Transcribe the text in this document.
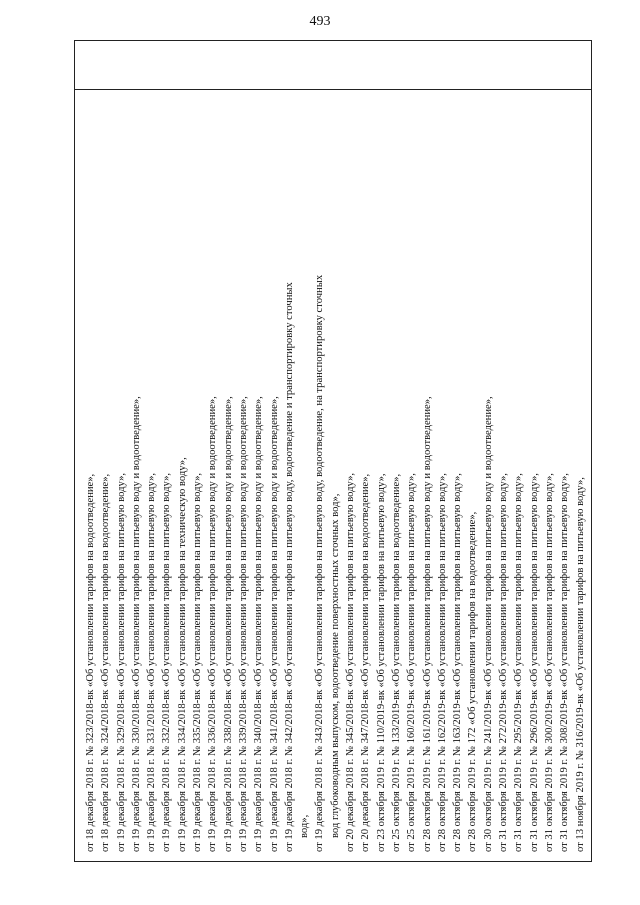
493
от 18 декабря 2018 г. № 323/2018-вк «Об установлении тарифов на водоотведение», от 18 декабря 2018 г. № 324/2018-вк «Об установлении тарифов на водоотведение», от 19 декабря 2018 г. № 329/2018-вк «Об установлении тарифов на питьевую воду», от 19 декабря 2018 г. № 330/2018-вк «Об установлении тарифов на питьевую воду и водоотведение», от 19 декабря 2018 г. № 331/2018-вк «Об установлении тарифов на питьевую воду», от 19 декабря 2018 г. № 332/2018-вк «Об установлении тарифов на питьевую воду», от 19 декабря 2018 г. № 334/2018-вк «Об установлении тарифов на техническую воду», от 19 декабря 2018 г. № 335/2018-вк «Об установлении тарифов на питьевую воду», от 19 декабря 2018 г. № 336/2018-вк «Об установлении тарифов на питьевую воду и водоотведение», от 19 декабря 2018 г. № 338/2018-вк «Об установлении тарифов на питьевую воду и водоотведение», от 19 декабря 2018 г. № 339/2018-вк «Об установлении тарифов на питьевую воду и водоотведение», от 19 декабря 2018 г. № 340/2018-вк «Об установлении тарифов на питьевую воду и водоотведение», от 19 декабря 2018 г. № 341/2018-вк «Об установлении тарифов на питьевую воду и водоотведение», от 19 декабря 2018 г. № 342/2018-вк «Об установлении тарифов на питьевую воду, водоотведение и транспортировку сточных вод», от 19 декабря 2018 г. № 343/2018-вк «Об установлении тарифов на питьевую воду, водоотведение, на транспортировку сточных вод глубоководным выпуском, водоотведение поверхностных сточных вод», от 20 декабря 2018 г. № 345/2018-вк «Об установлении тарифов на питьевую воду», от 20 декабря 2018 г. № 347/2018-вк «Об установлении тарифов на водоотведение», от 23 октября 2019 г. № 110/2019-вк «Об установлении тарифов на питьевую воду», от 25 октября 2019 г. № 133/2019-вк «Об установлении тарифов на водоотведение», от 25 октября 2019 г. № 160/2019-вк «Об установлении тарифов на питьевую воду», от 28 октября 2019 г. № 161/2019-вк «Об установлении тарифов на питьевую воду и водоотведение», от 28 октября 2019 г. № 162/2019-вк «Об установлении тарифов на питьевую воду», от 28 октября 2019 г. № 163/2019-вк «Об установлении тарифов на питьевую воду», от 28 октября 2019 г. № 172 «Об установлении тарифов на водоотведение», от 30 октября 2019 г. № 241/2019-вк «Об установлении тарифов на питьевую воду и водоотведение», от 31 октября 2019 г. № 272/2019-вк «Об установлении тарифов на питьевую воду», от 31 октября 2019 г. № 295/2019-вк «Об установлении тарифов на питьевую воду», от 31 октября 2019 г. № 296/2019-вк «Об установлении тарифов на питьевую воду», от 31 октября 2019 г. № 300/2019-вк «Об установлении тарифов на питьевую воду», от 31 октября 2019 г. № 308/2019-вк «Об установлении тарифов на питьевую воду», от 13 ноября 2019 г. № 316/2019-вк «Об установлении тарифов на питьевую воду»,
